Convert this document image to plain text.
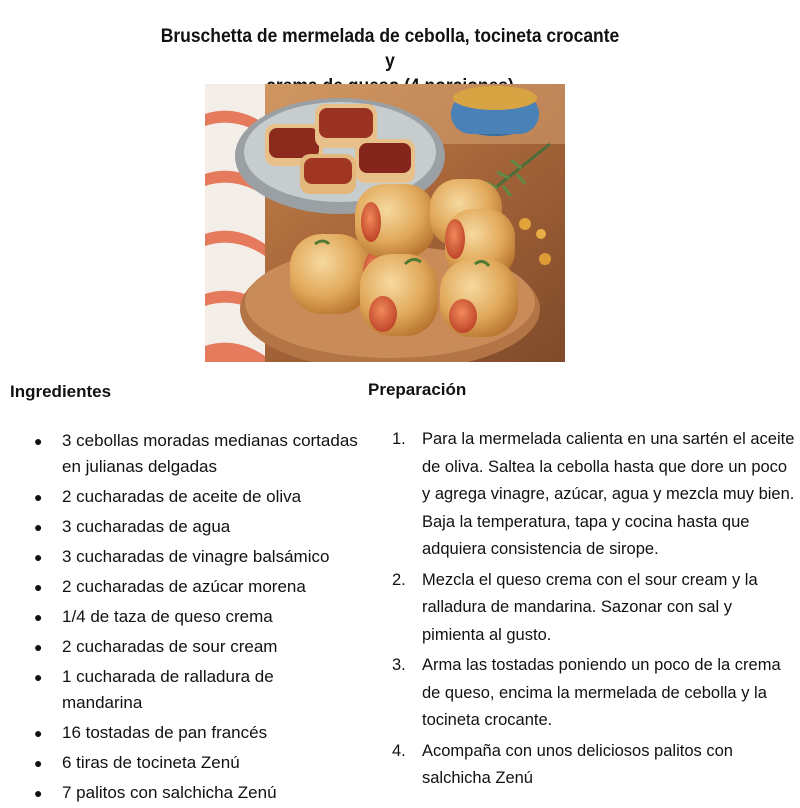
Bruschetta de mermelada de cebolla, tocineta crocante y
Ingredientes	Preparación
● 3 cebollas moradas medianas cortadas en julianas delgadas
● 2 cucharadas de aceite de oliva
● 3 cucharadas de agua
● 3 cucharadas de vinagre balsámico
● 2 cucharadas de azúcar morena
● 1/4 de taza de queso crema
● 2 cucharadas de sour cream
● 1 cucharada de ralladura de mandarina
● 16 tostadas de pan francés
● 6 tiras de tocineta Zenú
● 7 palitos con salchicha Zenú
1. Para la mermelada calienta en una sartén el aceite de oliva. Saltea la cebolla hasta que dore un poco y agrega vinagre, azúcar, agua y mezcla muy bien. Baja la temperatura, tapa y cocina hasta que adquiera consistencia de sirope.
2. Mezcla el queso crema con el sour cream y la ralladura de mandarina. Sazonar con sal y pimienta al gusto.
3. Arma las tostadas poniendo un poco de la crema de queso, encima la mermelada de cebolla y la tocineta crocante.
4. Acompaña con unos deliciosos palitos con salchicha Zenú
